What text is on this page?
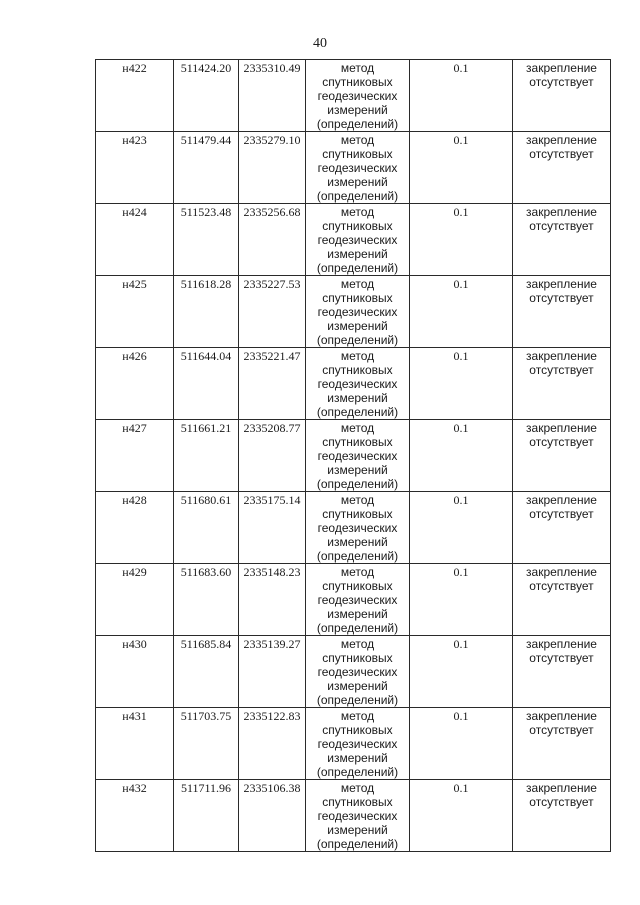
40
н422	511424.20	2335310.49	метод
спутниковых
геодезических
измерений
(определений)	0.1	закрепление
отсутствует

н423	511479.44	2335279.10	метод
спутниковых
геодезических
измерений
(определений)	0.1	закрепление
отсутствует

н424	511523.48	2335256.68	метод
спутниковых
геодезических
измерений
(определений)	0.1	закрепление
отсутствует

н425	511618.28	2335227.53	метод
спутниковых
геодезических
измерений
(определений)	0.1	закрепление
отсутствует

н426	511644.04	2335221.47	метод
спутниковых
геодезических
измерений
(определений)	0.1	закрепление
отсутствует

н427	511661.21	2335208.77	метод
спутниковых
геодезических
измерений
(определений)	0.1	закрепление
отсутствует

н428	511680.61	2335175.14	метод
спутниковых
геодезических
измерений
(определений)	0.1	закрепление
отсутствует

н429	511683.60	2335148.23	метод
спутниковых
геодезических
измерений
(определений)	0.1	закрепление
отсутствует

н430	511685.84	2335139.27	метод
спутниковых
геодезических
измерений
(определений)	0.1	закрепление
отсутствует

н431	511703.75	2335122.83	метод
спутниковых
геодезических
измерений
(определений)	0.1	закрепление
отсутствует

н432	511711.96	2335106.38	метод
спутниковых
геодезических
измерений
(определений)	0.1	закрепление
отсутствует
